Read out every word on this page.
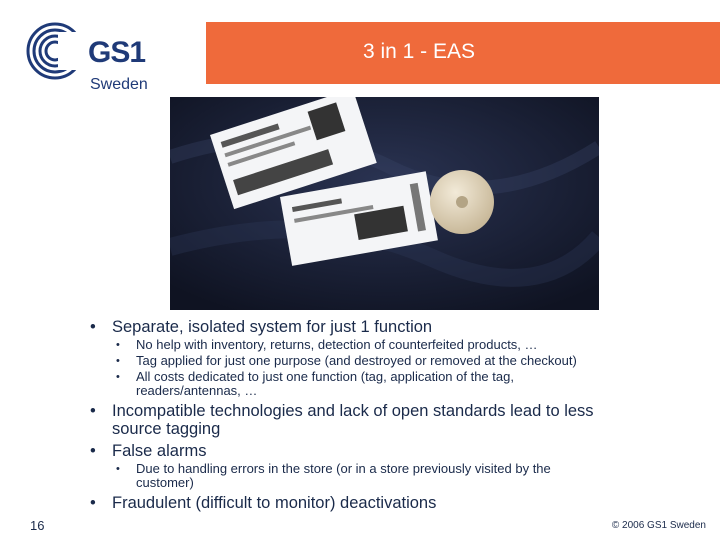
GS1
Sweden
3 in 1 - EAS
• Separate, isolated system for just 1 function
• No help with inventory, returns, detection of counterfeited products, …
• Tag applied for just one purpose (and destroyed or removed at the checkout)
• All costs dedicated to just one function (tag, application of the tag, readers/antennas, …
• Incompatible technologies and lack of open standards lead to less source tagging
• False alarms
• Due to handling errors in the store (or in a store previously visited by the customer)
• Fraudulent (difficult to monitor) deactivations
16	© 2006 GS1 Sweden
